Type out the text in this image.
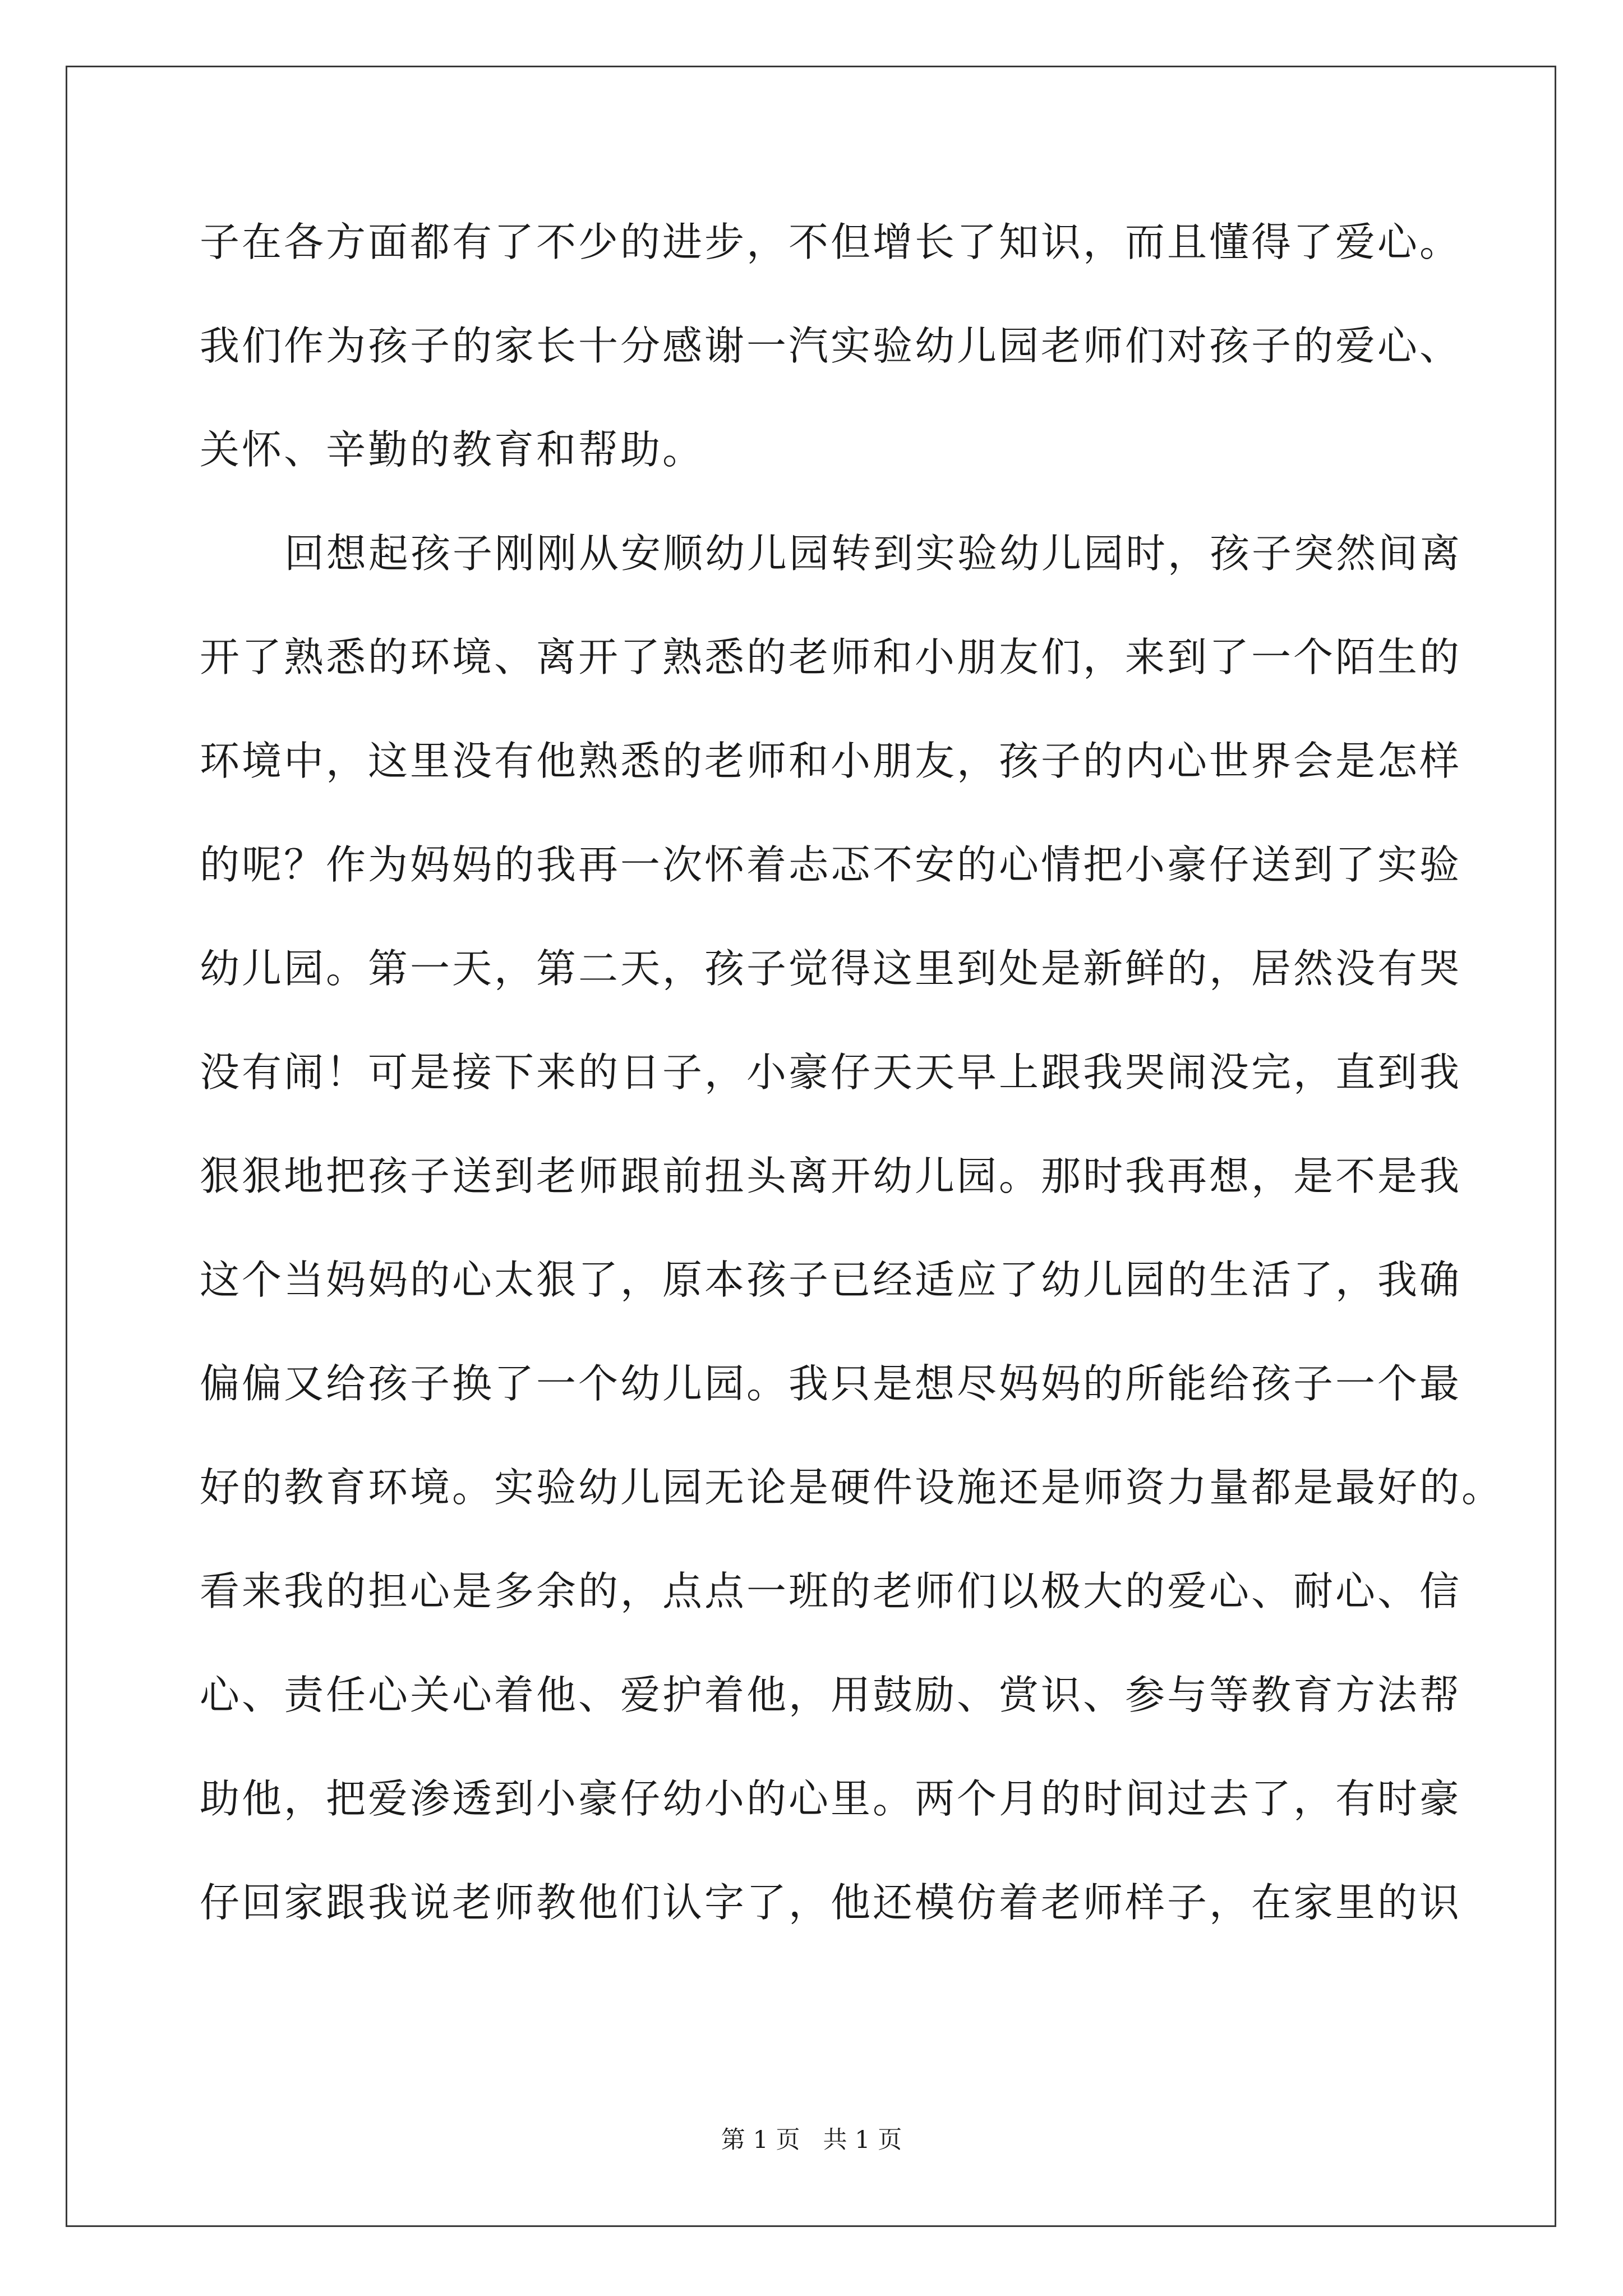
子在各方面都有了不少的进步，不但增长了知识，而且懂得了爱心。
我们作为孩子的家长十分感谢一汽实验幼儿园老师们对孩子的爱心、
关怀、辛勤的教育和帮助。
回想起孩子刚刚从安顺幼儿园转到实验幼儿园时，孩子突然间离
开了熟悉的环境、离开了熟悉的老师和小朋友们，来到了一个陌生的
环境中，这里没有他熟悉的老师和小朋友，孩子的内心世界会是怎样
的呢？作为妈妈的我再一次怀着忐忑不安的心情把小豪仔送到了实验
幼儿园。第一天，第二天，孩子觉得这里到处是新鲜的，居然没有哭
没有闹！可是接下来的日子，小豪仔天天早上跟我哭闹没完，直到我
狠狠地把孩子送到老师跟前扭头离开幼儿园。那时我再想，是不是我
这个当妈妈的心太狠了，原本孩子已经适应了幼儿园的生活了，我确
偏偏又给孩子换了一个幼儿园。我只是想尽妈妈的所能给孩子一个最
好的教育环境。实验幼儿园无论是硬件设施还是师资力量都是最好的。
看来我的担心是多余的，点点一班的老师们以极大的爱心、耐心、信
心、责任心关心着他、爱护着他，用鼓励、赏识、参与等教育方法帮
助他，把爱渗透到小豪仔幼小的心里。两个月的时间过去了，有时豪
仔回家跟我说老师教他们认字了，他还模仿着老师样子，在家里的识
第 1 页   共 1 页
